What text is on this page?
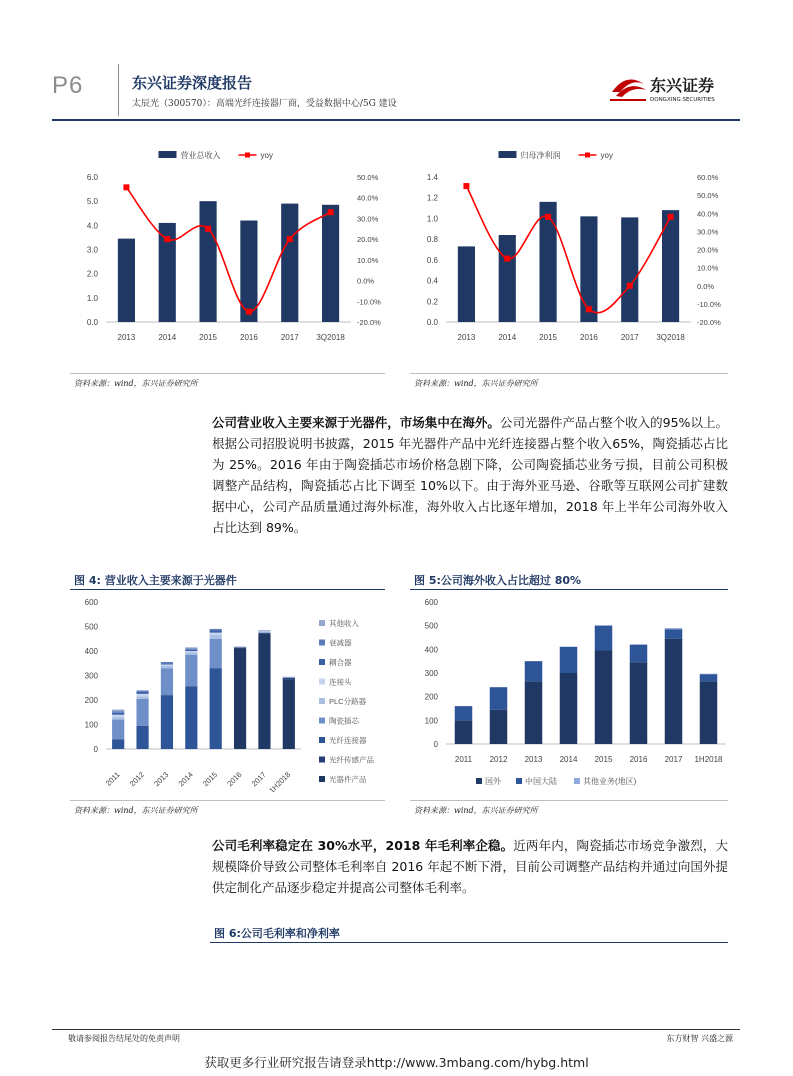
P6	东兴证券深度报告
太辰光（300570）：高端光纤连接器厂商，受益数据中心/5G 建设
东兴证券
DONGXING SECURITIES
营业总收入	yoy
6.0
5.0
4.0
3.0
2.0
1.0
0.0
50.0%
40.0%
30.0%
20.0%
10.0%
0.0%
-10.0%
-20.0%
2013	2014	2015	2016	2017 3Q2018
资料来源：wind，东兴证券研究所
归母净利润	yoy
1.4
1.2
1.0
0.8
0.6
0.4
0.2
0.0
60.0%
50.0%
40.0%
30.0%
20.0%
10.0%
0.0%
-10.0%
-20.0%
2013	2014	2015	2016	2017 3Q2018
资料来源：wind，东兴证券研究所
公司营业收入主要来源于光器件，市场集中在海外。公司光器件产品占整个收入的95%以上。根据公司招股说明书披露，2015 年光器件产品中光纤连接器占整个收入65%，陶瓷插芯占比为 25%。2016 年由于陶瓷插芯市场价格急剧下降，公司陶瓷插芯业务亏损，目前公司积极调整产品结构，陶瓷插芯占比下调至 10%以下。由于海外亚马逊、谷歌等互联网公司扩建数据中心，公司产品质量通过海外标准，海外收入占比逐年增加，2018 年上半年公司海外收入占比达到 89%。
图 4: 营业收入主要来源于光器件	图 5:公司海外收入占比超过 80%
600
500
400
300
200
100
0
2011 2012 2013 2014 2015 2016 2017 1H2018
其他收入
衰减器
耦合器
连接头
PLC分路器
陶瓷插芯
光纤连接器
光纤传感产品
光器件产品
资料来源：wind，东兴证券研究所
600
500
400
300
200
100
0
2011 2012 2013 2014 2015 2016 2017 1H2018
国外	中国大陆	其他业务(地区)
资料来源：wind，东兴证券研究所
公司毛利率稳定在 30%水平，2018 年毛利率企稳。近两年内，陶瓷插芯市场竞争激烈，大规模降价导致公司整体毛利率自 2016 年起不断下滑，目前公司调整产品结构并通过向国外提供定制化产品逐步稳定并提高公司整体毛利率。
图 6:公司毛利率和净利率
敬请参阅报告结尾处的免责声明	东方财智 兴盛之源
获取更多行业研究报告请登录http://www.3mbang.com/hybg.html
